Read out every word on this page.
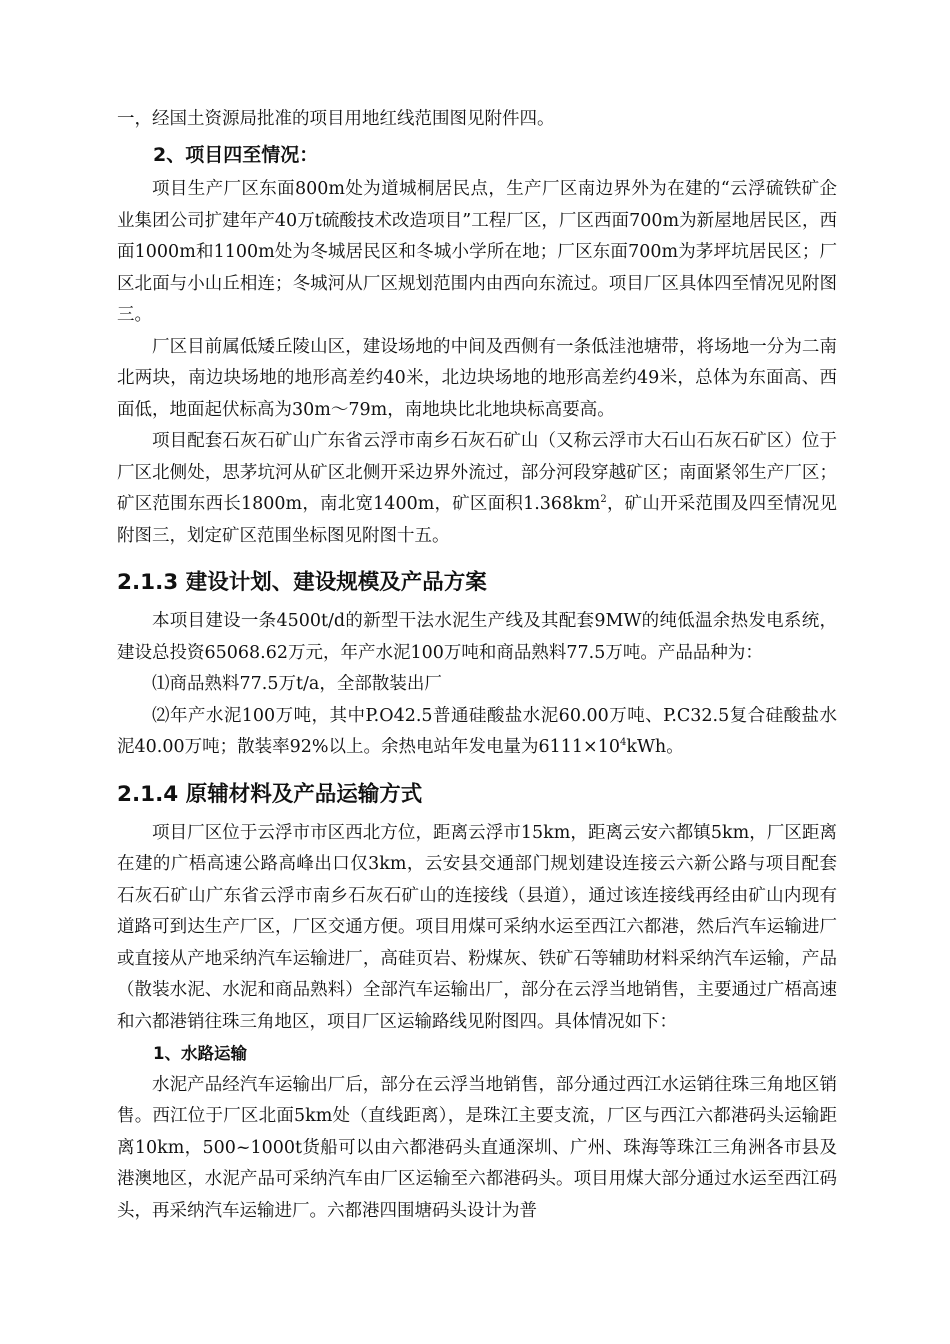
一，经国土资源局批准的项目用地红线范围图见附件四。

2、项目四至情况：

项目生产厂区东面800m处为道城桐居民点，生产厂区南边界外为在建的“云浮硫铁矿企业集团公司扩建年产40万t硫酸技术改造项目”工程厂区，厂区西面700m为新屋地居民区，西面1000m和1100m处为冬城居民区和冬城小学所在地；厂区东面700m为茅坪坑居民区；厂区北面与小山丘相连；冬城河从厂区规划范围内由西向东流过。项目厂区具体四至情况见附图三。

厂区目前属低矮丘陵山区，建设场地的中间及西侧有一条低洼池塘带，将场地一分为二南北两块，南边块场地的地形高差约40米，北边块场地的地形高差约49米，总体为东面高、西面低，地面起伏标高为30m～79m，南地块比北地块标高要高。

项目配套石灰石矿山广东省云浮市南乡石灰石矿山（又称云浮市大石山石灰石矿区）位于厂区北侧处，思茅坑河从矿区北侧开采边界外流过，部分河段穿越矿区；南面紧邻生产厂区；矿区范围东西长1800m，南北宽1400m，矿区面积$1.368km^2$，矿山开采范围及四至情况见附图三，划定矿区范围坐标图见附图十五。

2.1.3 建设计划、建设规模及产品方案

本项目建设一条4500t/d的新型干法水泥生产线及其配套9MW的纯低温余热发电系统，建设总投资65068.62万元，年产水泥100万吨和商品熟料77.5万吨。产品品种为：

⑴商品熟料77.5万t/a，全部散装出厂

⑵年产水泥100万吨，其中P.O42.5普通硅酸盐水泥60.00万吨、P.C32.5复合硅酸盐水泥40.00万吨；散装率92%以上。余热电站年发电量为$6111\times 10^4kWh$。

2.1.4 原辅材料及产品运输方式

项目厂区位于云浮市市区西北方位，距离云浮市15km，距离云安六都镇5km，厂区距离在建的广梧高速公路高峰出口仅3km，云安县交通部门规划建设连接云六新公路与项目配套石灰石矿山广东省云浮市南乡石灰石矿山的连接线（县道），通过该连接线再经由矿山内现有道路可到达生产厂区，厂区交通方便。项目用煤可采纳水运至西江六都港，然后汽车运输进厂或直接从产地采纳汽车运输进厂，高硅页岩、粉煤灰、铁矿石等辅助材料采纳汽车运输，产品（散装水泥、水泥和商品熟料）全部汽车运输出厂，部分在云浮当地销售，主要通过广梧高速和六都港销往珠三角地区，项目厂区运输路线见附图四。具体情况如下：

1、水路运输

水泥产品经汽车运输出厂后，部分在云浮当地销售，部分通过西江水运销往珠三角地区销售。西江位于厂区北面5km处（直线距离），是珠江主要支流，厂区与西江六都港码头运输距离10km，500~1000t货船可以由六都港码头直通深圳、广州、珠海等珠江三角洲各市县及港澳地区，水泥产品可采纳汽车由厂区运输至六都港码头。项目用煤大部分通过水运至西江码头，再采纳汽车运输进厂。六都港四围塘码头设计为普
